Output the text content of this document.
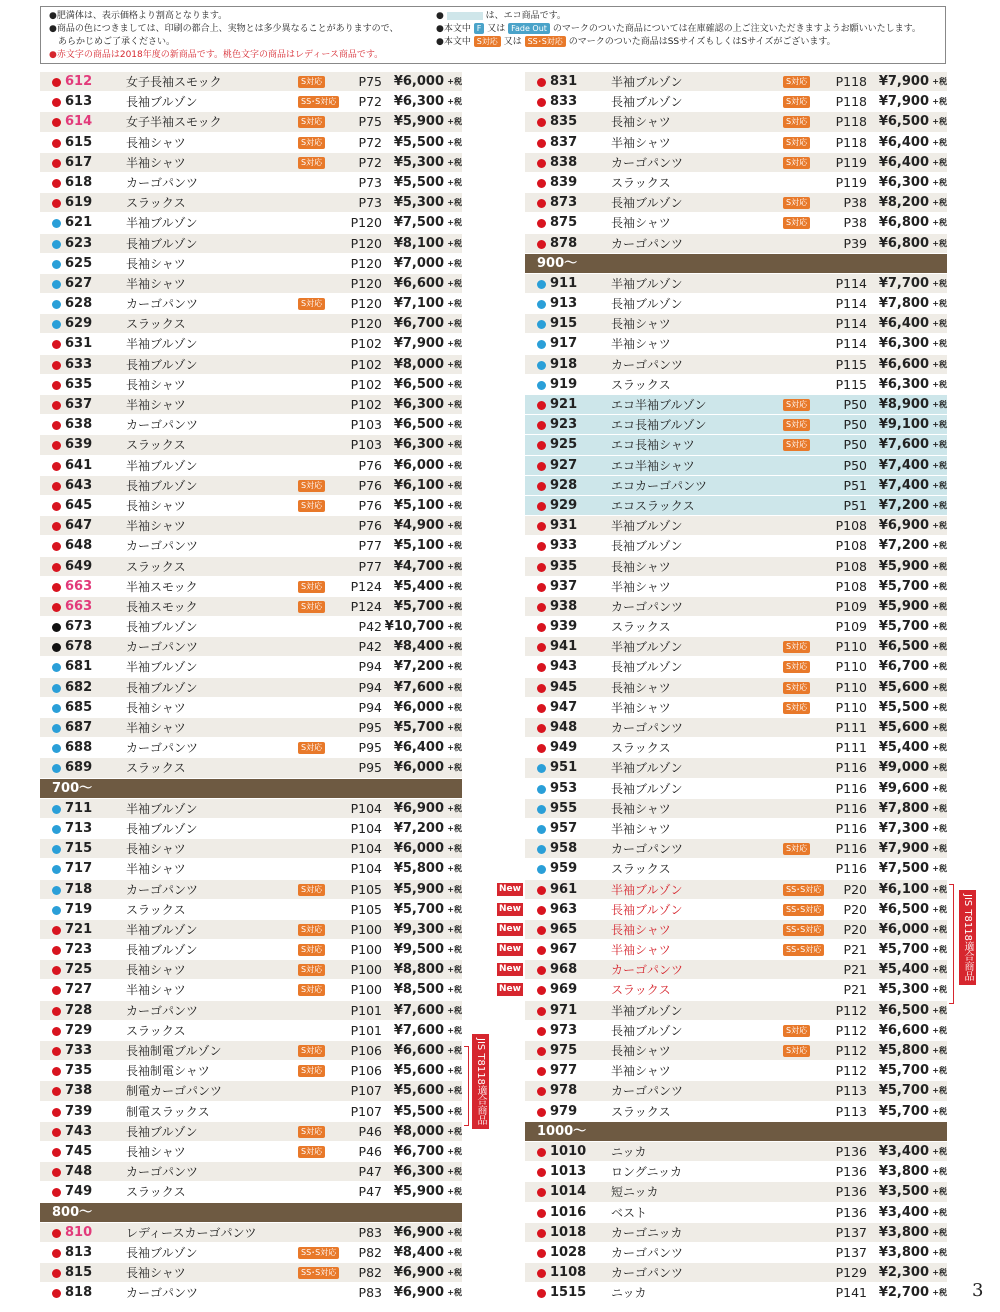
●肥満体は、表示価格より割高となります。
●商品の色につきましては、印刷の都合上、実物とは多少異なることがありますので、
　あらかじめご了承ください。
●赤文字の商品は2018年度の新商品です。桃色文字の商品はレディース商品です。
●	は、エコ商品です。
●本文中 F 又は Fade Out のマークのついた商品については在庫確認の上ご注文いただきますようお願いいたします。
●本文中 S対応 又は SS･S対応 のマークのついた商品はSSサイズもしくはSサイズがございます。
612	女子長袖スモック	S対応	P75 ¥6,000 +税
613	長袖ブルゾン	SS･S対応 P72 ¥6,300 +税
614	女子半袖スモック	S対応	P75 ¥5,900 +税
615	長袖シャツ	S対応	P72 ¥5,500 +税
617	半袖シャツ	S対応	P72 ¥5,300 +税
618	カーゴパンツ	P73 ¥5,500 +税
619	スラックス	P73 ¥5,300 +税
621	半袖ブルゾン	P120 ¥7,500 +税
623	長袖ブルゾン	P120 ¥8,100 +税
625	長袖シャツ	P120 ¥7,000 +税
627	半袖シャツ	P120 ¥6,600 +税
628	カーゴパンツ	S対応 P120 ¥7,100 +税
629	スラックス	P120 ¥6,700 +税
631	半袖ブルゾン	P102 ¥7,900 +税
633	長袖ブルゾン	P102 ¥8,000 +税
635	長袖シャツ	P102 ¥6,500 +税
637	半袖シャツ	P102 ¥6,300 +税
638	カーゴパンツ	P103 ¥6,500 +税
639	スラックス	P103 ¥6,300 +税
641	半袖ブルゾン	P76 ¥6,000 +税
643	長袖ブルゾン	S対応	P76 ¥6,100 +税
645	長袖シャツ	S対応	P76 ¥5,100 +税
647	半袖シャツ	P76 ¥4,900 +税
648	カーゴパンツ	P77 ¥5,100 +税
649	スラックス	P77 ¥4,700 +税
663	半袖スモック	S対応 P124 ¥5,400 +税
663	長袖スモック	S対応 P124 ¥5,700 +税
673	長袖ブルゾン	P42 ¥10,700 +税
678	カーゴパンツ	P42 ¥8,400 +税
681	半袖ブルゾン	P94 ¥7,200 +税
682	長袖ブルゾン	P94 ¥7,600 +税
685	長袖シャツ	P94 ¥6,000 +税
687	半袖シャツ	P95 ¥5,700 +税
688	カーゴパンツ	S対応	P95 ¥6,400 +税
689	スラックス	P95 ¥6,000 +税
700～
711	半袖ブルゾン	P104 ¥6,900 +税
713	長袖ブルゾン	P104 ¥7,200 +税
715	長袖シャツ	P104 ¥6,000 +税
717	半袖シャツ	P104 ¥5,800 +税
718	カーゴパンツ	S対応 P105 ¥5,900 +税
719	スラックス	P105 ¥5,700 +税
721	半袖ブルゾン	S対応 P100 ¥9,300 +税
723	長袖ブルゾン	S対応 P100 ¥9,500 +税
725	長袖シャツ	S対応 P100 ¥8,800 +税
727	半袖シャツ	S対応 P100 ¥8,500 +税
728	カーゴパンツ	P101 ¥7,600 +税
729	スラックス	P101 ¥7,600 +税
733	長袖制電ブルゾン	S対応 P106 ¥6,600 +税
735	長袖制電シャツ	S対応 P106 ¥5,600 +税
738	制電カーゴパンツ	P107 ¥5,600 +税
739	制電スラックス	P107 ¥5,500 +税
743	長袖ブルゾン	S対応	P46 ¥8,000 +税
745	長袖シャツ	S対応	P46 ¥6,700 +税
748	カーゴパンツ	P47 ¥6,300 +税
749	スラックス	P47 ¥5,900 +税
800～
810	レディースカーゴパンツ	P83 ¥6,900 +税
813	長袖ブルゾン	SS･S対応 P82 ¥8,400 +税
815	長袖シャツ	SS･S対応 P82 ¥6,900 +税
818	カーゴパンツ	P83 ¥6,900 +税
831	半袖ブルゾン	S対応 P118 ¥7,900 +税
833	長袖ブルゾン	S対応 P118 ¥7,900 +税
835	長袖シャツ	S対応 P118 ¥6,500 +税
837	半袖シャツ	S対応 P118 ¥6,400 +税
838	カーゴパンツ	S対応 P119 ¥6,400 +税
839	スラックス	P119 ¥6,300 +税
873	長袖ブルゾン	S対応	P38 ¥8,200 +税
875	長袖シャツ	S対応	P38 ¥6,800 +税
878	カーゴパンツ	P39 ¥6,800 +税
900～
911	半袖ブルゾン	P114 ¥7,700 +税
913	長袖ブルゾン	P114 ¥7,800 +税
915	長袖シャツ	P114 ¥6,400 +税
917	半袖シャツ	P114 ¥6,300 +税
918	カーゴパンツ	P115 ¥6,600 +税
919	スラックス	P115 ¥6,300 +税
921	エコ半袖ブルゾン	S対応	P50 ¥8,900 +税
923	エコ長袖ブルゾン	S対応	P50 ¥9,100 +税
925	エコ長袖シャツ	S対応	P50 ¥7,600 +税
927	エコ半袖シャツ	P50 ¥7,400 +税
928	エコカーゴパンツ	P51 ¥7,400 +税
929	エコスラックス	P51 ¥7,200 +税
931	半袖ブルゾン	P108 ¥6,900 +税
933	長袖ブルゾン	P108 ¥7,200 +税
935	長袖シャツ	P108 ¥5,900 +税
937	半袖シャツ	P108 ¥5,700 +税
938	カーゴパンツ	P109 ¥5,900 +税
939	スラックス	P109 ¥5,700 +税
941	半袖ブルゾン	S対応 P110 ¥6,500 +税
943	長袖ブルゾン	S対応 P110 ¥6,700 +税
945	長袖シャツ	S対応 P110 ¥5,600 +税
947	半袖シャツ	S対応 P110 ¥5,500 +税
948	カーゴパンツ	P111 ¥5,600 +税
949	スラックス	P111 ¥5,400 +税
951	半袖ブルゾン	P116 ¥9,000 +税
953	長袖ブルゾン	P116 ¥9,600 +税
955	長袖シャツ	P116 ¥7,800 +税
957	半袖シャツ	P116 ¥7,300 +税
958	カーゴパンツ	S対応 P116 ¥7,900 +税
959	スラックス	P116 ¥7,500 +税
961	半袖ブルゾン	SS･S対応 P20 ¥6,100 +税
963	長袖ブルゾン	SS･S対応 P20 ¥6,500 +税
965	長袖シャツ	SS･S対応 P20 ¥6,000 +税
967	半袖シャツ	SS･S対応 P21 ¥5,700 +税
968	カーゴパンツ	P21 ¥5,400 +税
969	スラックス	P21 ¥5,300 +税
971	半袖ブルゾン	P112 ¥6,500 +税
973	長袖ブルゾン	S対応 P112 ¥6,600 +税
975	長袖シャツ	S対応 P112 ¥5,800 +税
977	半袖シャツ	P112 ¥5,700 +税
978	カーゴパンツ	P113 ¥5,700 +税
979	スラックス	P113 ¥5,700 +税
1000～
1010 ニッカ	P136 ¥3,400 +税
1013 ロングニッカ	P136 ¥3,800 +税
1014 短ニッカ	P136 ¥3,500 +税
1016 ベスト	P136 ¥3,400 +税
1018 カーゴニッカ	P137 ¥3,800 +税
1028 カーゴパンツ	P137 ¥3,800 +税
1108 カーゴパンツ	P129 ¥2,300 +税
1515 ニッカ	P141 ¥2,700 +税
JIS T8118適合商品
JIS T8118適合商品
3
New
New
New
New
New
New
